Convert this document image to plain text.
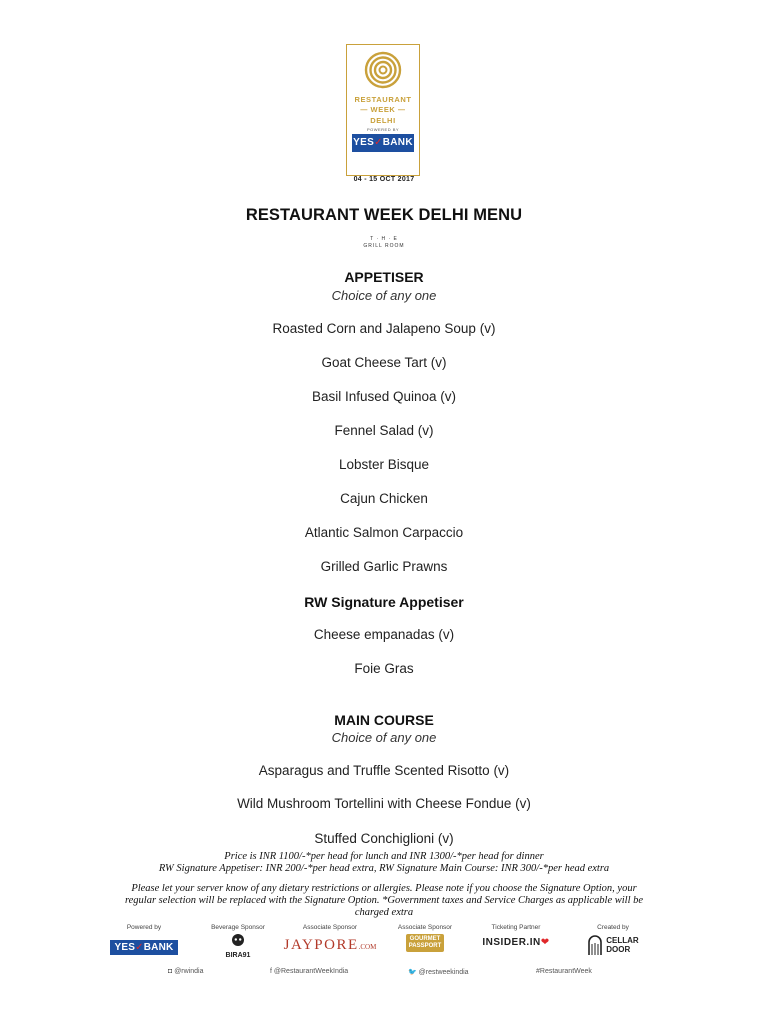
RESTAURANT
— WEEK —
DELHI
POWERED BY
YES✓BANK
04 - 15 OCT 2017
RESTAURANT WEEK DELHI MENU
T · H · E
GRILL ROOM
APPETISER
Choice of any one
Roasted Corn and Jalapeno Soup (v)
Goat Cheese Tart (v)
Basil Infused Quinoa (v)
Fennel Salad (v)
Lobster Bisque
Cajun Chicken
Atlantic Salmon Carpaccio
Grilled Garlic Prawns
RW Signature Appetiser
Cheese empanadas (v)
Foie Gras
MAIN COURSE
Choice of any one
Asparagus and Truffle Scented Risotto (v)
Wild Mushroom Tortellini with Cheese Fondue (v)
Stuffed Conchiglioni (v)
Price is INR 1100/-*per head for lunch and INR 1300/-*per head for dinner
RW Signature Appetiser: INR 200/-*per head extra, RW Signature Main Course: INR 300/-*per head extra
Please let your server know of any dietary restrictions or allergies. Please note if you choose the Signature Option, your
regular selection will be replaced with the Signature Option. *Government taxes and Service Charges as applicable will be
charged extra
Powered by
YES✓BANK
Beverage Sponsor
BIRA91
Associate Sponsor
JAYPORE.COM
Associate Sponsor
GOURMET
PASSPORT
Ticketing Partner
INSIDER.IN❤
Created by
CELLAR
DOOR
◘ @rwindia	f @RestaurantWeekIndia	🐦 @restweekindia	#RestaurantWeek
